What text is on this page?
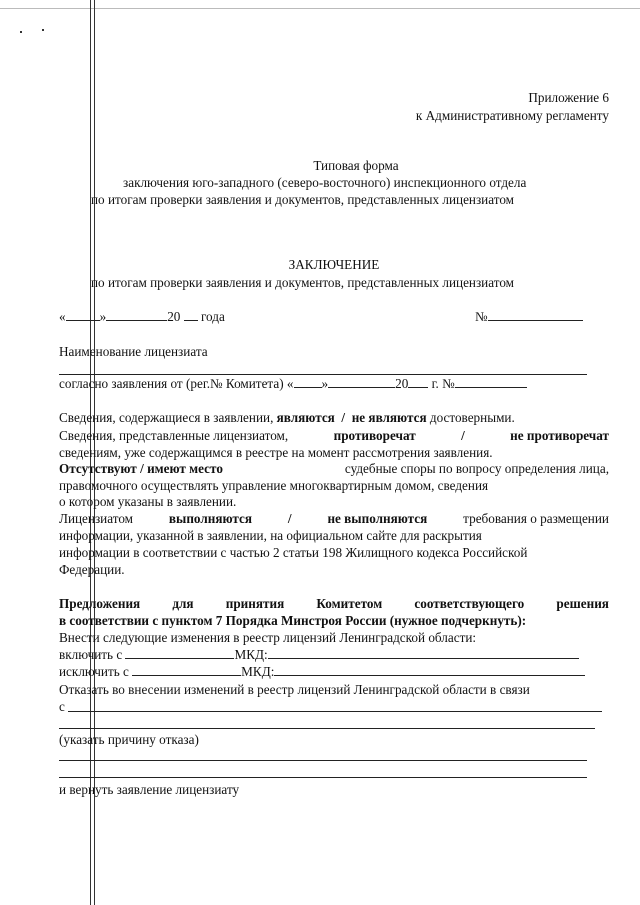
Приложение 6
к Административному регламенту
Типовая форма
заключения юго-западного (северо-восточного) инспекционного отдела
по итогам проверки заявления и документов, представленных лицензиатом
ЗАКЛЮЧЕНИЕ
по итогам проверки заявления и документов, представленных лицензиатом
«	»	20 года	№
Наименование лицензиата
согласно заявления от (рег.№ Комитета) « »	20 г. №
Сведения, содержащиеся в заявлении, являются / не являются достоверными.
Сведения, представленные лицензиатом,	противоречат	/	не противоречат
сведениям, уже содержащимся в реестре на момент рассмотрения заявления.
Отсутствуют / имеют место	судебные споры по вопросу определения лица,
правомочного осуществлять управление многоквартирным домом, сведения
о котором указаны в заявлении.
Лицензиатом	выполняются	/	не выполняются	требования о размещении
информации, указанной в заявлении, на официальном сайте для раскрытия
информации в соответствии с частью 2 статьи 198 Жилищного кодекса Российской
Федерации.
Предложения для принятия Комитетом соответствующего решения
в соответствии с пунктом 7 Порядка Минстроя России (нужное подчеркнуть):
Внести следующие изменения в реестр лицензий Ленинградской области:
включить с	МКД:
исключить с	МКД:
Отказать во внесении изменений в реестр лицензий Ленинградской области в связи
с
(указать причину отказа)
и вернуть заявление лицензиату
